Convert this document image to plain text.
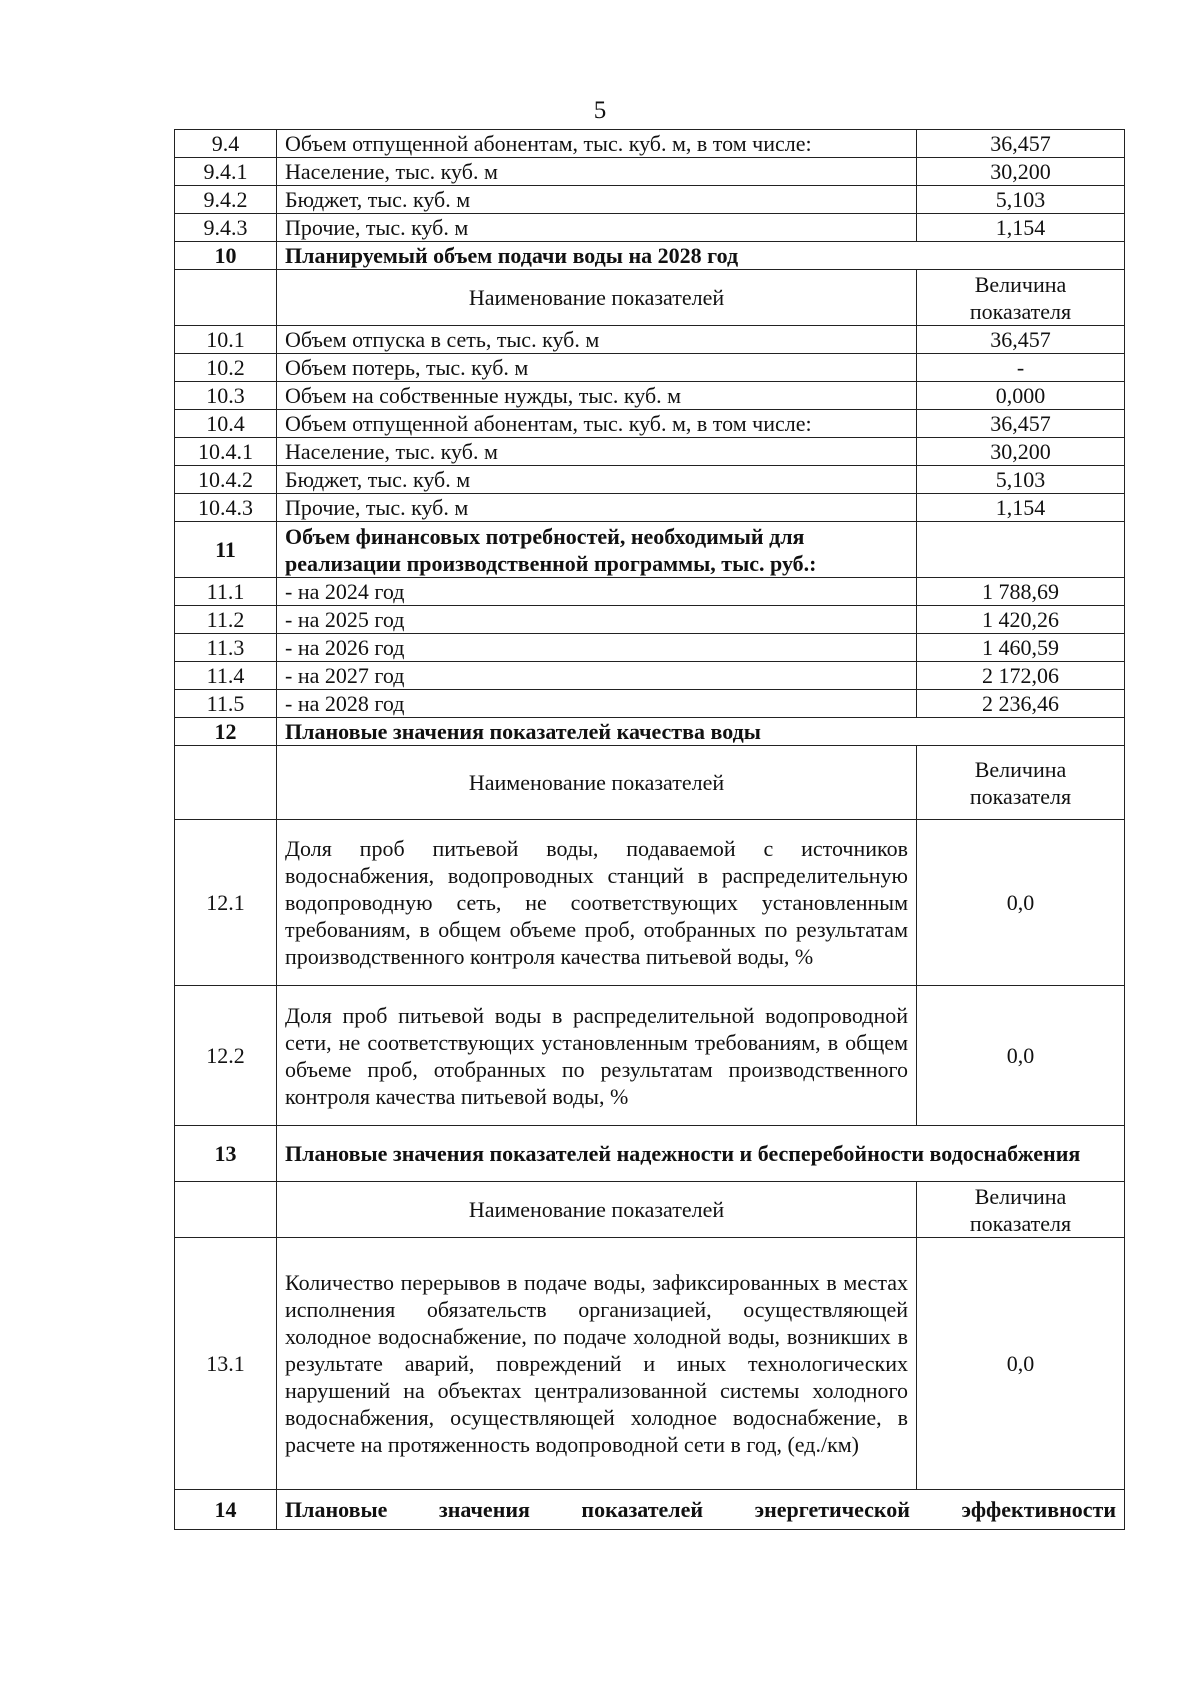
5
9.4	Объем отпущенной абонентам, тыс. куб. м, в том числе:	36,457
9.4.1	Население, тыс. куб. м	30,200
9.4.2	Бюджет, тыс. куб. м	5,103
9.4.3	Прочие, тыс. куб. м	1,154
10	Планируемый объем подачи воды на 2028 год	
	Наименование показателей	Величина показателя
10.1	Объем отпуска в сеть, тыс. куб. м	36,457
10.2	Объем потерь, тыс. куб. м	-
10.3	Объем на собственные нужды, тыс. куб. м	0,000
10.4	Объем отпущенной абонентам, тыс. куб. м, в том числе:	36,457
10.4.1	Население, тыс. куб. м	30,200
10.4.2	Бюджет, тыс. куб. м	5,103
10.4.3	Прочие, тыс. куб. м	1,154
11	Объем финансовых потребностей, необходимый для реализации производственной программы, тыс. руб.:	
11.1	- на 2024 год	1 788,69
11.2	- на 2025 год	1 420,26
11.3	- на 2026 год	1 460,59
11.4	- на 2027 год	2 172,06
11.5	- на 2028 год	2 236,46
12	Плановые значения показателей качества воды	
	Наименование показателей	Величина показателя
12.1	Доля проб питьевой воды, подаваемой с источников водоснабжения, водопроводных станций в распределительную водопроводную сеть, не соответствующих установленным требованиям, в общем объеме проб, отобранных по результатам производственного контроля качества питьевой воды, %	0,0
12.2	Доля проб питьевой воды в распределительной водопроводной сети, не соответствующих установленным требованиям, в общем объеме проб, отобранных по результатам производственного контроля качества питьевой воды, %	0,0
13	Плановые значения показателей надежности и бесперебойности водоснабжения	
	Наименование показателей	Величина показателя
13.1	Количество перерывов в подаче воды, зафиксированных в местах исполнения обязательств организацией, осуществляющей холодное водоснабжение, по подаче холодной воды, возникших в результате аварий, повреждений и иных технологических нарушений на объектах централизованной системы холодного водоснабжения, осуществляющей холодное водоснабжение, в расчете на протяженность водопроводной сети в год, (ед./км)	0,0
14	Плановые значения показателей энергетической эффективности	
